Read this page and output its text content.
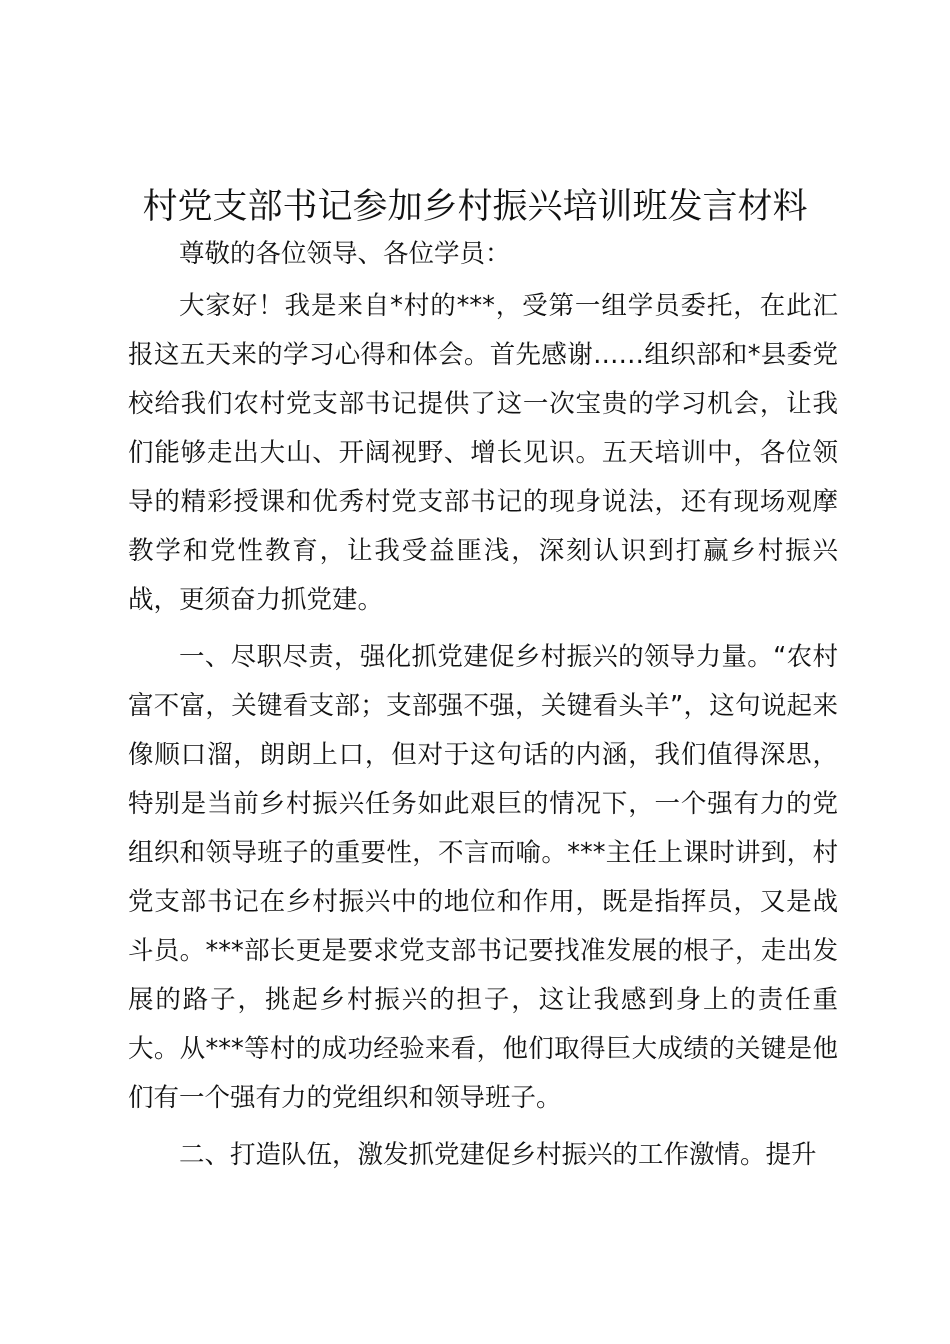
村党支部书记参加乡村振兴培训班发言材料

尊敬的各位领导、各位学员：

大家好！我是来自*村的***，受第一组学员委托，在此汇报这五天来的学习心得和体会。首先感谢……组织部和*县委党校给我们农村党支部书记提供了这一次宝贵的学习机会，让我们能够走出大山、开阔视野、增长见识。五天培训中，各位领导的精彩授课和优秀村党支部书记的现身说法，还有现场观摩教学和党性教育，让我受益匪浅，深刻认识到打赢乡村振兴战，更须奋力抓党建。

一、尽职尽责，强化抓党建促乡村振兴的领导力量。“农村富不富，关键看支部；支部强不强，关键看头羊”，这句说起来像顺口溜，朗朗上口，但对于这句话的内涵，我们值得深思，特别是当前乡村振兴任务如此艰巨的情况下，一个强有力的党组织和领导班子的重要性，不言而喻。***主任上课时讲到，村党支部书记在乡村振兴中的地位和作用，既是指挥员，又是战斗员。***部长更是要求党支部书记要找准发展的根子，走出发展的路子，挑起乡村振兴的担子，这让我感到身上的责任重大。从***等村的成功经验来看，他们取得巨大成绩的关键是他们有一个强有力的党组织和领导班子。

二、打造队伍，激发抓党建促乡村振兴的工作激情。提升
